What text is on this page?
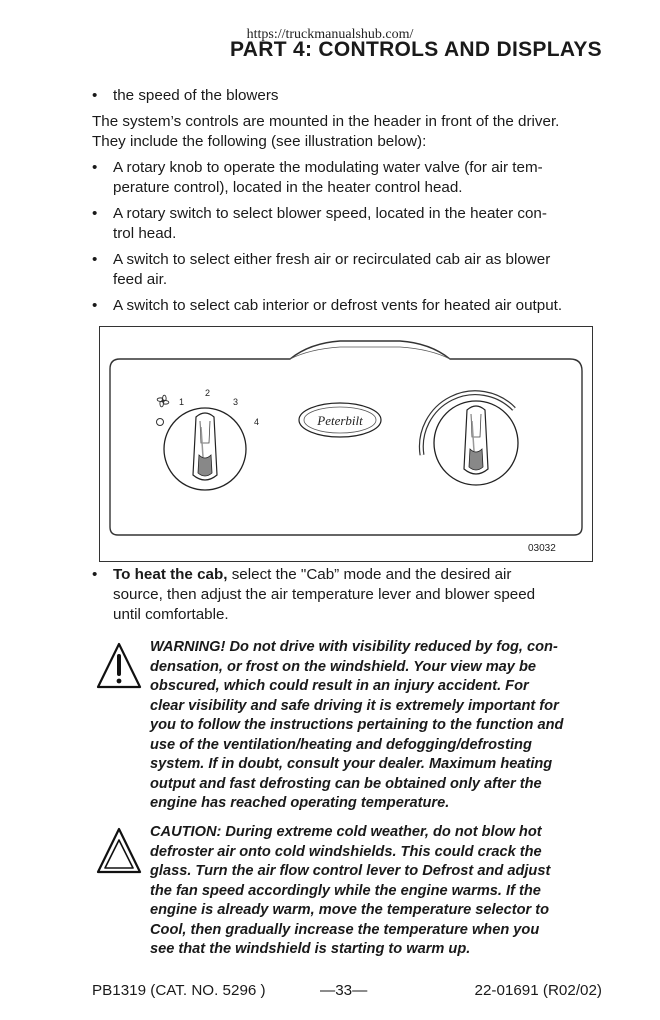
https://truckmanualshub.com/
PART 4: CONTROLS AND DISPLAYS
• the speed of the blowers
The system’s controls are mounted in the header in front of the driver.
They include the following (see illustration below):
• A rotary knob to operate the modulating water valve (for air tem-
perature control), located in the heater control head.
• A rotary switch to select blower speed, located in the heater con-
trol head.
• A switch to select either fresh air or recirculated cab air as blower
feed air.
• A switch to select cab interior or defrost vents for heated air output.
1
2
3
4	Peterbilt
03032
• To heat the cab, select the "Cab” mode and the desired air
source, then adjust the air temperature lever and blower speed
until comfortable.
WARNING! Do not drive with visibility reduced by fog, con-
densation, or frost on the windshield. Your view may be
obscured, which could result in an injury accident. For
clear visibility and safe driving it is extremely important for
you to follow the instructions pertaining to the function and
use of the ventilation/heating and defogging/defrosting
system. If in doubt, consult your dealer. Maximum heating
output and fast defrosting can be obtained only after the
engine has reached operating temperature.
CAUTION: During extreme cold weather, do not blow hot
defroster air onto cold windshields. This could crack the
glass. Turn the air flow control lever to Defrost and adjust
the fan speed accordingly while the engine warms. If the
engine is already warm, move the temperature selector to
Cool, then gradually increase the temperature when you
see that the windshield is starting to warm up.
PB1319 (CAT. NO. 5296 )	—33—	22-01691 (R02/02)
